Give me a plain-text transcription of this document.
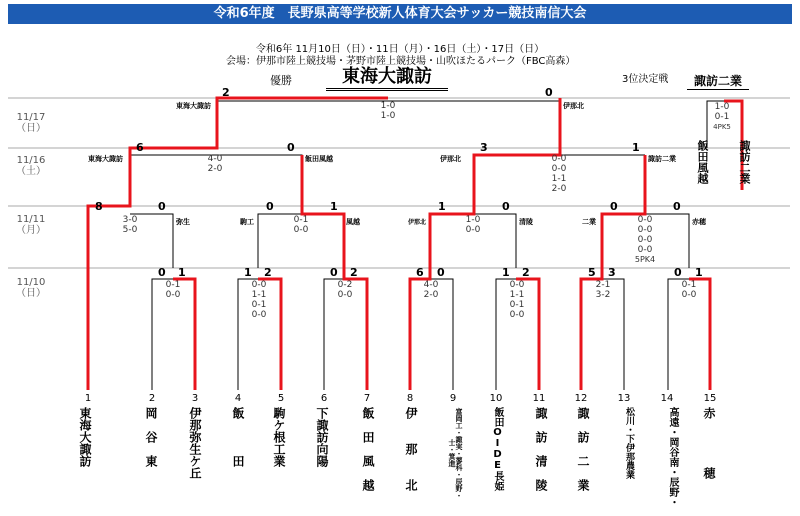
令和6年度　長野県高等学校新人体育大会サッカー競技南信大会
令和6年 11月10日（日）・11日（月）・16日（土）・17日（日）
会場：伊那市陸上競技場・茅野市陸上競技場・山吹ほたるパーク（FBC高森）
優勝	東海大諏訪	3位決定戦	諏訪二業
11/17
（日）
11/16
（土）
11/11
（月）
11/10
（日）
東海大諏訪	伊那北
東海大諏訪	飯田風越	伊那北	諏訪二業
弥生	駒工	風越	伊那北	清陵	二業	赤穂
2	0
1-0
1-0
6	0
4-0
2-0
3	1
0-0
0-0
1-1
2-0
1-0
0-1
4PK5
飯田風越	諏訪二業
8	0
3-0
5-0
0	1
0-1
0-0
1	0
1-0
0-0
0	0
0-0
0-0
0-0
0-0
5PK4
0 1
0-1
0-0
1 2
0-0
1-1
0-1
0-0
0 2
0-2
0-0
6 0
4-0
2-0
1 2
0-0
1-1
0-1
0-0
5 3
2-1
3-2
0 1
0-1
0-0
1	2	3	4	5	6	7	8	9	10	11	12	13	14	15
東海大諏訪	岡　谷　東	伊那弥生ケ丘 飯　　　田 駒ケ根工業 下諏訪向陽	飯　田　風　越 伊　　那　　北	富岡工・諏実・蓼科・辰野・士・箕進	飯田OIDE長姫	諏　訪　清　陵 諏　訪　二　業	松川・下伊那農業	高遠・岡谷南・辰野・ 赤　　　　穂
